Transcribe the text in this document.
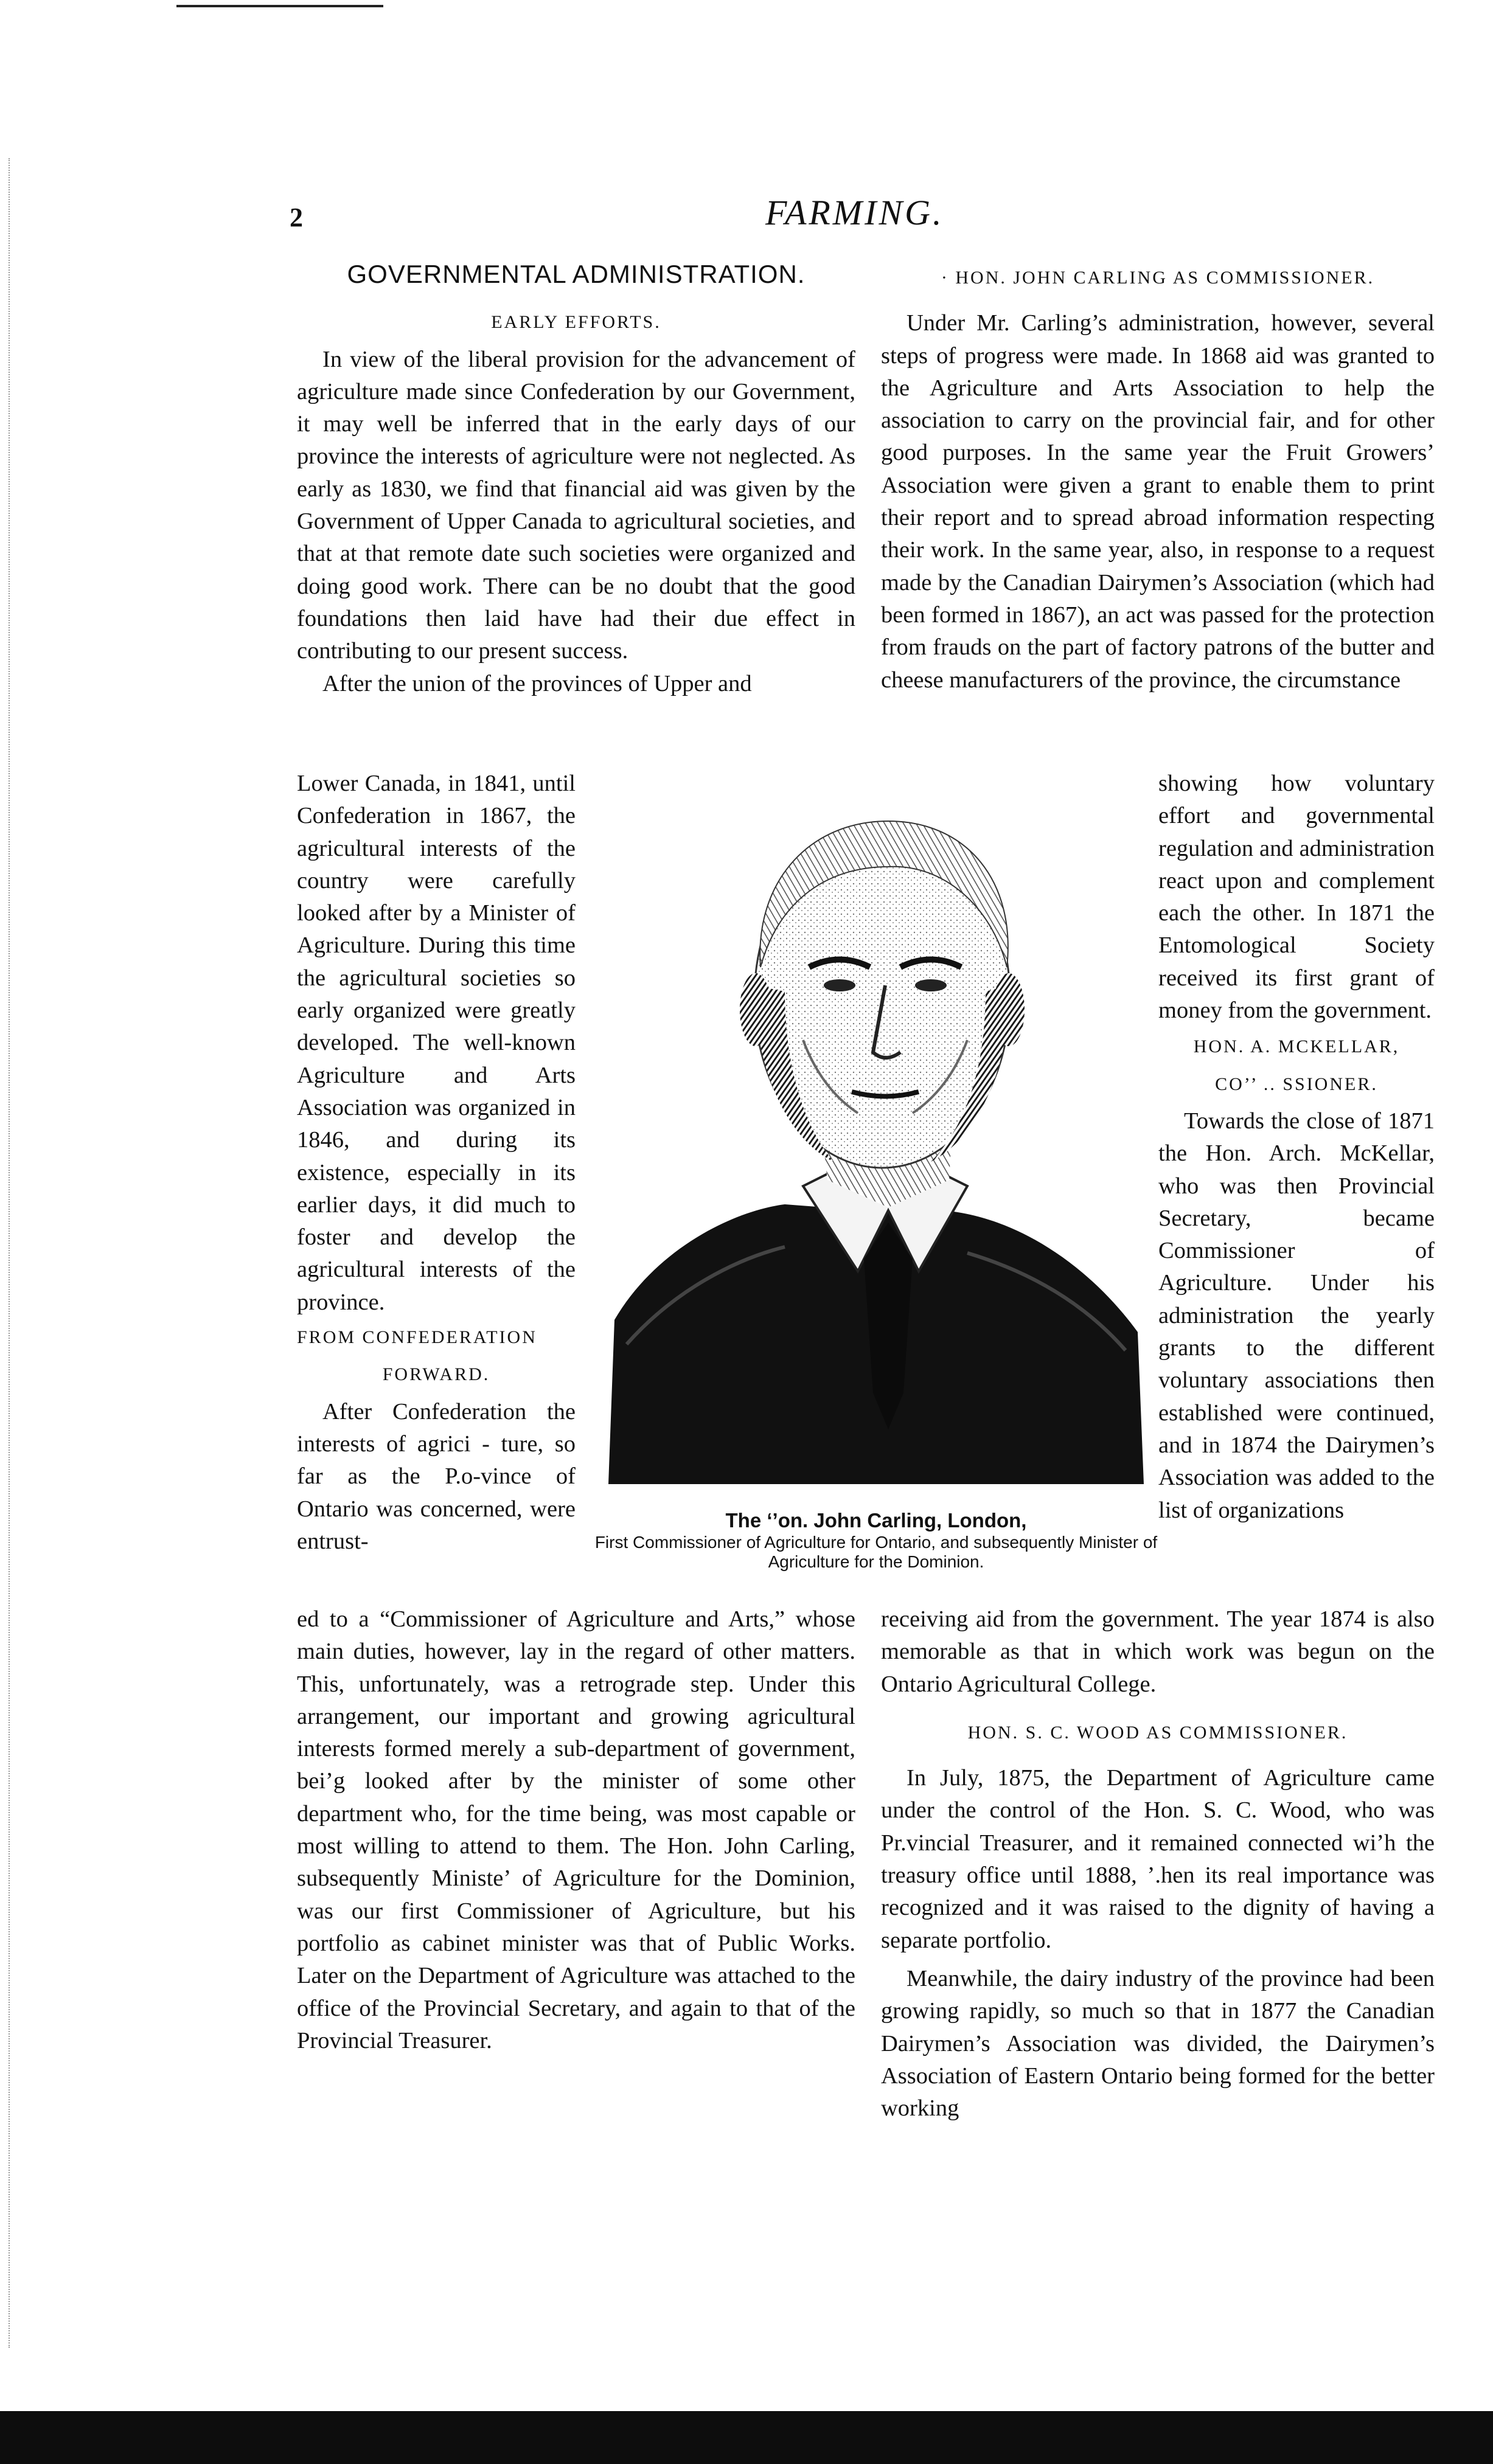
2	FARMING.
GOVERNMENTAL ADMINISTRATION.
EARLY EFFORTS.

In view of the liberal provision for the advancement of agriculture made since Confederation by our Government, it may well be inferred that in the early days of our province the interests of agriculture were not neglected. As early as 1830, we find that financial aid was given by the Government of Upper Canada to agricultural societies, and that at that remote date such societies were organized and doing good work. There can be no doubt that the good foundations then laid have had their due effect in contributing to our present success.

After the union of the provinces of Upper and

Lower Canada, in 1841, until Confederation in 1867, the agricultural interests of the country were carefully looked after by a Minister of Agriculture. During this time the agricultural societies so early organized were greatly developed. The well-known Agriculture and Arts Association was organized in 1846, and during its existence, especially in its earlier days, it did much to foster and develop the agricultural interests of the province.

FROM CONFEDERATION
FORWARD.

After Confederation the interests of agrici - ture, so far as the P.o-vince of Ontario was concerned, were entrust-

ed to a “Commissioner of Agriculture and Arts,” whose main duties, however, lay in the regard of other matters. This, unfortunately, was a retrograde step. Under this arrangement, our important and growing agricultural interests formed merely a sub-department of government, bei’g looked after by the minister of some other department who, for the time being, was most capable or most willing to attend to them. The Hon. John Carling, subsequently Ministe’ of Agriculture for the Dominion, was our first Commissioner of Agriculture, but his portfolio as cabinet minister was that of Public Works. Later on the Department of Agriculture was attached to the office of the Provincial Secretary, and again to that of the Provincial Treasurer.

· HON. JOHN CARLING AS COMMISSIONER.

Under Mr. Carling’s administration, however, several steps of progress were made. In 1868 aid was granted to the Agriculture and Arts Association to help the association to carry on the provincial fair, and for other good purposes. In the same year the Fruit Growers’ Association were given a grant to enable them to print their report and to spread abroad information respecting their work. In the same year, also, in response to a request made by the Canadian Dairymen’s Association (which had been formed in 1867), an act was passed for the protection from frauds on the part of factory patrons of the butter and cheese manufacturers of the province, the circumstance

showing how voluntary effort and governmental regulation and administration react upon and complement each the other. In 1871 the Entomological Society received its first grant of money from the government.

HON. A. MCKELLAR,
CO’’ .. SSIONER.

Towards the close of 1871 the Hon. Arch. McKellar, who was then Provincial Secretary, became Commissioner of Agriculture. Under his administration the yearly grants to the different voluntary associations then established were continued, and in 1874 the Dairymen’s Association was added to the list of organizations

receiving aid from the government. The year 1874 is also memorable as that in which work was begun on the Ontario Agricultural College.

HON. S. C. WOOD AS COMMISSIONER.

In July, 1875, the Department of Agriculture came under the control of the Hon. S. C. Wood, who was Pr.vincial Treasurer, and it remained connected wi’h the treasury office until 1888, ’.hen its real importance was recognized and it was raised to the dignity of having a separate portfolio.

Meanwhile, the dairy industry of the province had been growing rapidly, so much so that in 1877 the Canadian Dairymen’s Association was divided, the Dairymen’s Association of Eastern Ontario being formed for the better working

The ‘’on. John Carling, London,
First Commissioner of Agriculture for Ontario, and subsequently Minister of Agriculture for the Dominion.
